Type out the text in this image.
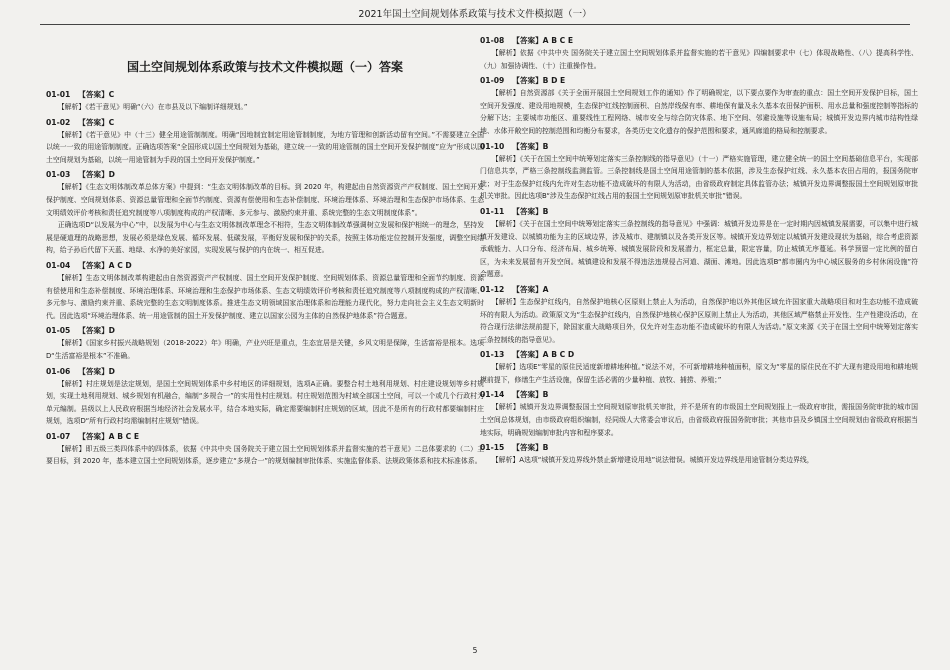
2021年国土空间规划体系政策与技术文件模拟题（一）
国土空间规划体系政策与技术文件模拟题（一）答案
01-01 【答案】C

【解析】《若干意见》明确“（六）在市县及以下编制详细规划。”

01-02 【答案】C

【解析】《若干意见》中（十三）健全用途管制制度。明确“因地制宜制定用途管制制度，为地方管理和创新活动留有空间。”不需要建立全国以统一一致的用途管制制度。正确选项答案“全国形成以国土空间规划为基础，建立统一一致的用途管制的国土空间开发保护制度”应为“形成以国土空间规划为基础，以统一用途管制为手段的国土空间开发保护制度。”

01-03 【答案】D

【解析】《生态文明体制改革总体方案》中提到：“生态文明体制改革的目标。到 2020 年，构建起由自然资源资产产权制度、国土空间开发保护制度、空间规划体系、资源总量管理和全面节约制度、资源有偿使用和生态补偿制度、环境治理体系、环境治理和生态保护市场体系、生态文明绩效评价考核和责任追究制度等八项制度构成的产权清晰、多元参与、激励约束并重、系统完整的生态文明制度体系”。

正确选项D“以发展为中心”中，以发展为中心与生态文明体制改革理念不相符，生态文明体制改革强调树立发展和保护相统一的理念，坚持发展是硬道理的战略思想，发展必须是绿色发展、循环发展、低碳发展，平衡好发展和保护的关系，按照主体功能定位控制开发强度，调整空间结构，给子孙后代留下天蓝、地绿、水净的美好家园，实现发展与保护的内在统一、相互促进。

01-04 【答案】A C D

【解析】生态文明体制改革构建起由自然资源资产产权制度、国土空间开发保护制度、空间规划体系、资源总量管理和全面节约制度、资源有偿使用和生态补偿制度、环境治理体系、环境治理和生态保护市场体系、生态文明绩效评价考核和责任追究制度等八项制度构成的产权清晰、多元参与、激励约束并重、系统完整的生态文明制度体系。推进生态文明领域国家治理体系和治理能力现代化，努力走向社会主义生态文明新时代。因此选项“环境治理体系、统一用途管制的国土开发保护制度、建立以国家公园为主体的自然保护地体系”符合题意。

01-05 【答案】D

【解析】《国家乡村振兴战略规划（2018-2022）年》明确，产业兴旺是重点，生态宜居是关键，乡风文明是保障，生活富裕是根本。选项D“生活富裕是根本”不准确。

01-06 【答案】D

【解析】村庄规划是法定规划，是国土空间规划体系中乡村地区的详细规划，选项A正确。要整合村土地利用规划、村庄建设规划等乡村规划，实现土地利用规划、城乡规划有机融合，编制“多规合一”的实用性村庄规划。村庄规划范围为村域全部国土空间，可以一个或几个行政村为单元编制。县级以上人民政府根据当地经济社会发展水平，结合本地实际，确定需要编制村庄规划的区域，因此不是所有的行政村都要编制村庄规划，选项D“所有行政村均需编制村庄规划”错误。

01-07 【答案】A B C E

【解析】即五级三类四体系中的四体系，依据《中共中央 国务院关于建立国土空间规划体系并监督实施的若干意见》二总体要求的（二）主要目标，到 2020 年，基本建立国土空间规划体系，逐步建立“多规合一”的规划编制审批体系、实施监督体系、法规政策体系和技术标准体系。

01-08 【答案】A B C E

【解析】依据《中共中央 国务院关于建立国土空间规划体系并监督实施的若干意见》四编制要求中（七）体现战略性、（八）提高科学性、（九）加强协调性、（十）注重操作性。

01-09 【答案】B D E

【解析】自然资源部《关于全面开展国土空间规划工作的通知》作了明确规定，以下要点要作为审查的重点：国土空间开发保护目标，国土空间开发强度、建设用地规模，生态保护红线控制面积、自然岸线保有率、耕地保有量及永久基本农田保护面积、用水总量和强度控制等指标的分解下达；主要城市功能区、重要线性工程网络、城市安全与综合防灾体系、地下空间、邻避设施等设施布局；城镇开发边界内城市结构性绿地、水体开敞空间的控制范围和均衡分布要求，各类历史文化遗存的保护范围和要求，通风廊道的格局和控制要求。

01-10 【答案】B

【解析】《关于在国土空间中统筹划定落实三条控制线的指导意见》（十一）严格实施管理，建立健全统一的国土空间基础信息平台，实现部门信息共享，严格三条控制线监测监管。三条控制线是国土空间用途管制的基本依据，涉及生态保护红线、永久基本农田占用的，报国务院审批；对于生态保护红线内允许对生态功能不造成破坏的有限人为活动，由省级政府制定具体监管办法；城镇开发边界调整报国土空间规划原审批机关审批。因此选项B“涉及生态保护红线占用的报国土空间规划原审批机关审批”错误。

01-11 【答案】B

【解析】《关于在国土空间中统筹划定落实三条控制线的指导意见》中强调：城镇开发边界是在一定时期内因城镇发展需要，可以集中进行城镇开发建设、以城镇功能为主的区域边界，涉及城市、建制镇以及各类开发区等。城镇开发边界划定以城镇开发建设现状为基础，综合考虑资源承载能力、人口分布、经济布局、城乡统筹、城镇发展阶段和发展潜力，框定总量，限定容量，防止城镇无序蔓延。科学预留一定比例的留白区，为未来发展留有开发空间。城镇建设和发展不得违法违规侵占河道、湖面、滩地。因此选项B“都市圈内为中心城区服务的乡村休闲设施”符合题意。

01-12 【答案】A

【解析】生态保护红线内，自然保护地核心区原则上禁止人为活动，自然保护地以外其他区域允许国家重大战略项目和对生态功能不造成破坏的有限人为活动。政策原文为“生态保护红线内，自然保护地核心保护区原则上禁止人为活动，其他区域严格禁止开发性、生产性建设活动，在符合现行法律法规前提下，除国家重大战略项目外，仅允许对生态功能不造成破坏的有限人为活动。”原文来源《关于在国土空间中统筹划定落实三条控制线的指导意见》。

01-13 【答案】A B C D

【解析】选项E“零星的原住民适度新增耕地种植。”说法不对，不可新增耕地种植面积，原文为“零星的原住民在不扩大现有建设用地和耕地规模前提下，修缮生产生活设施，保留生活必需的少量种植、放牧、捕捞、养殖；”

01-14 【答案】B

【解析】城镇开发边界调整报国土空间规划原审批机关审批，并不是所有的市级国土空间规划报上一级政府审批，需报国务院审批的城市国土空间总体规划，由市级政府组织编制，经同级人大常委会审议后，由省级政府报国务院审批；其他市县及乡镇国土空间规划由省级政府根据当地实际，明确规划编制审批内容和程序要求。

01-15 【答案】B

【解析】A选项“城镇开发边界线外禁止新增建设用地”说法错误。城镇开发边界线是用途管制分类边界线，

5
